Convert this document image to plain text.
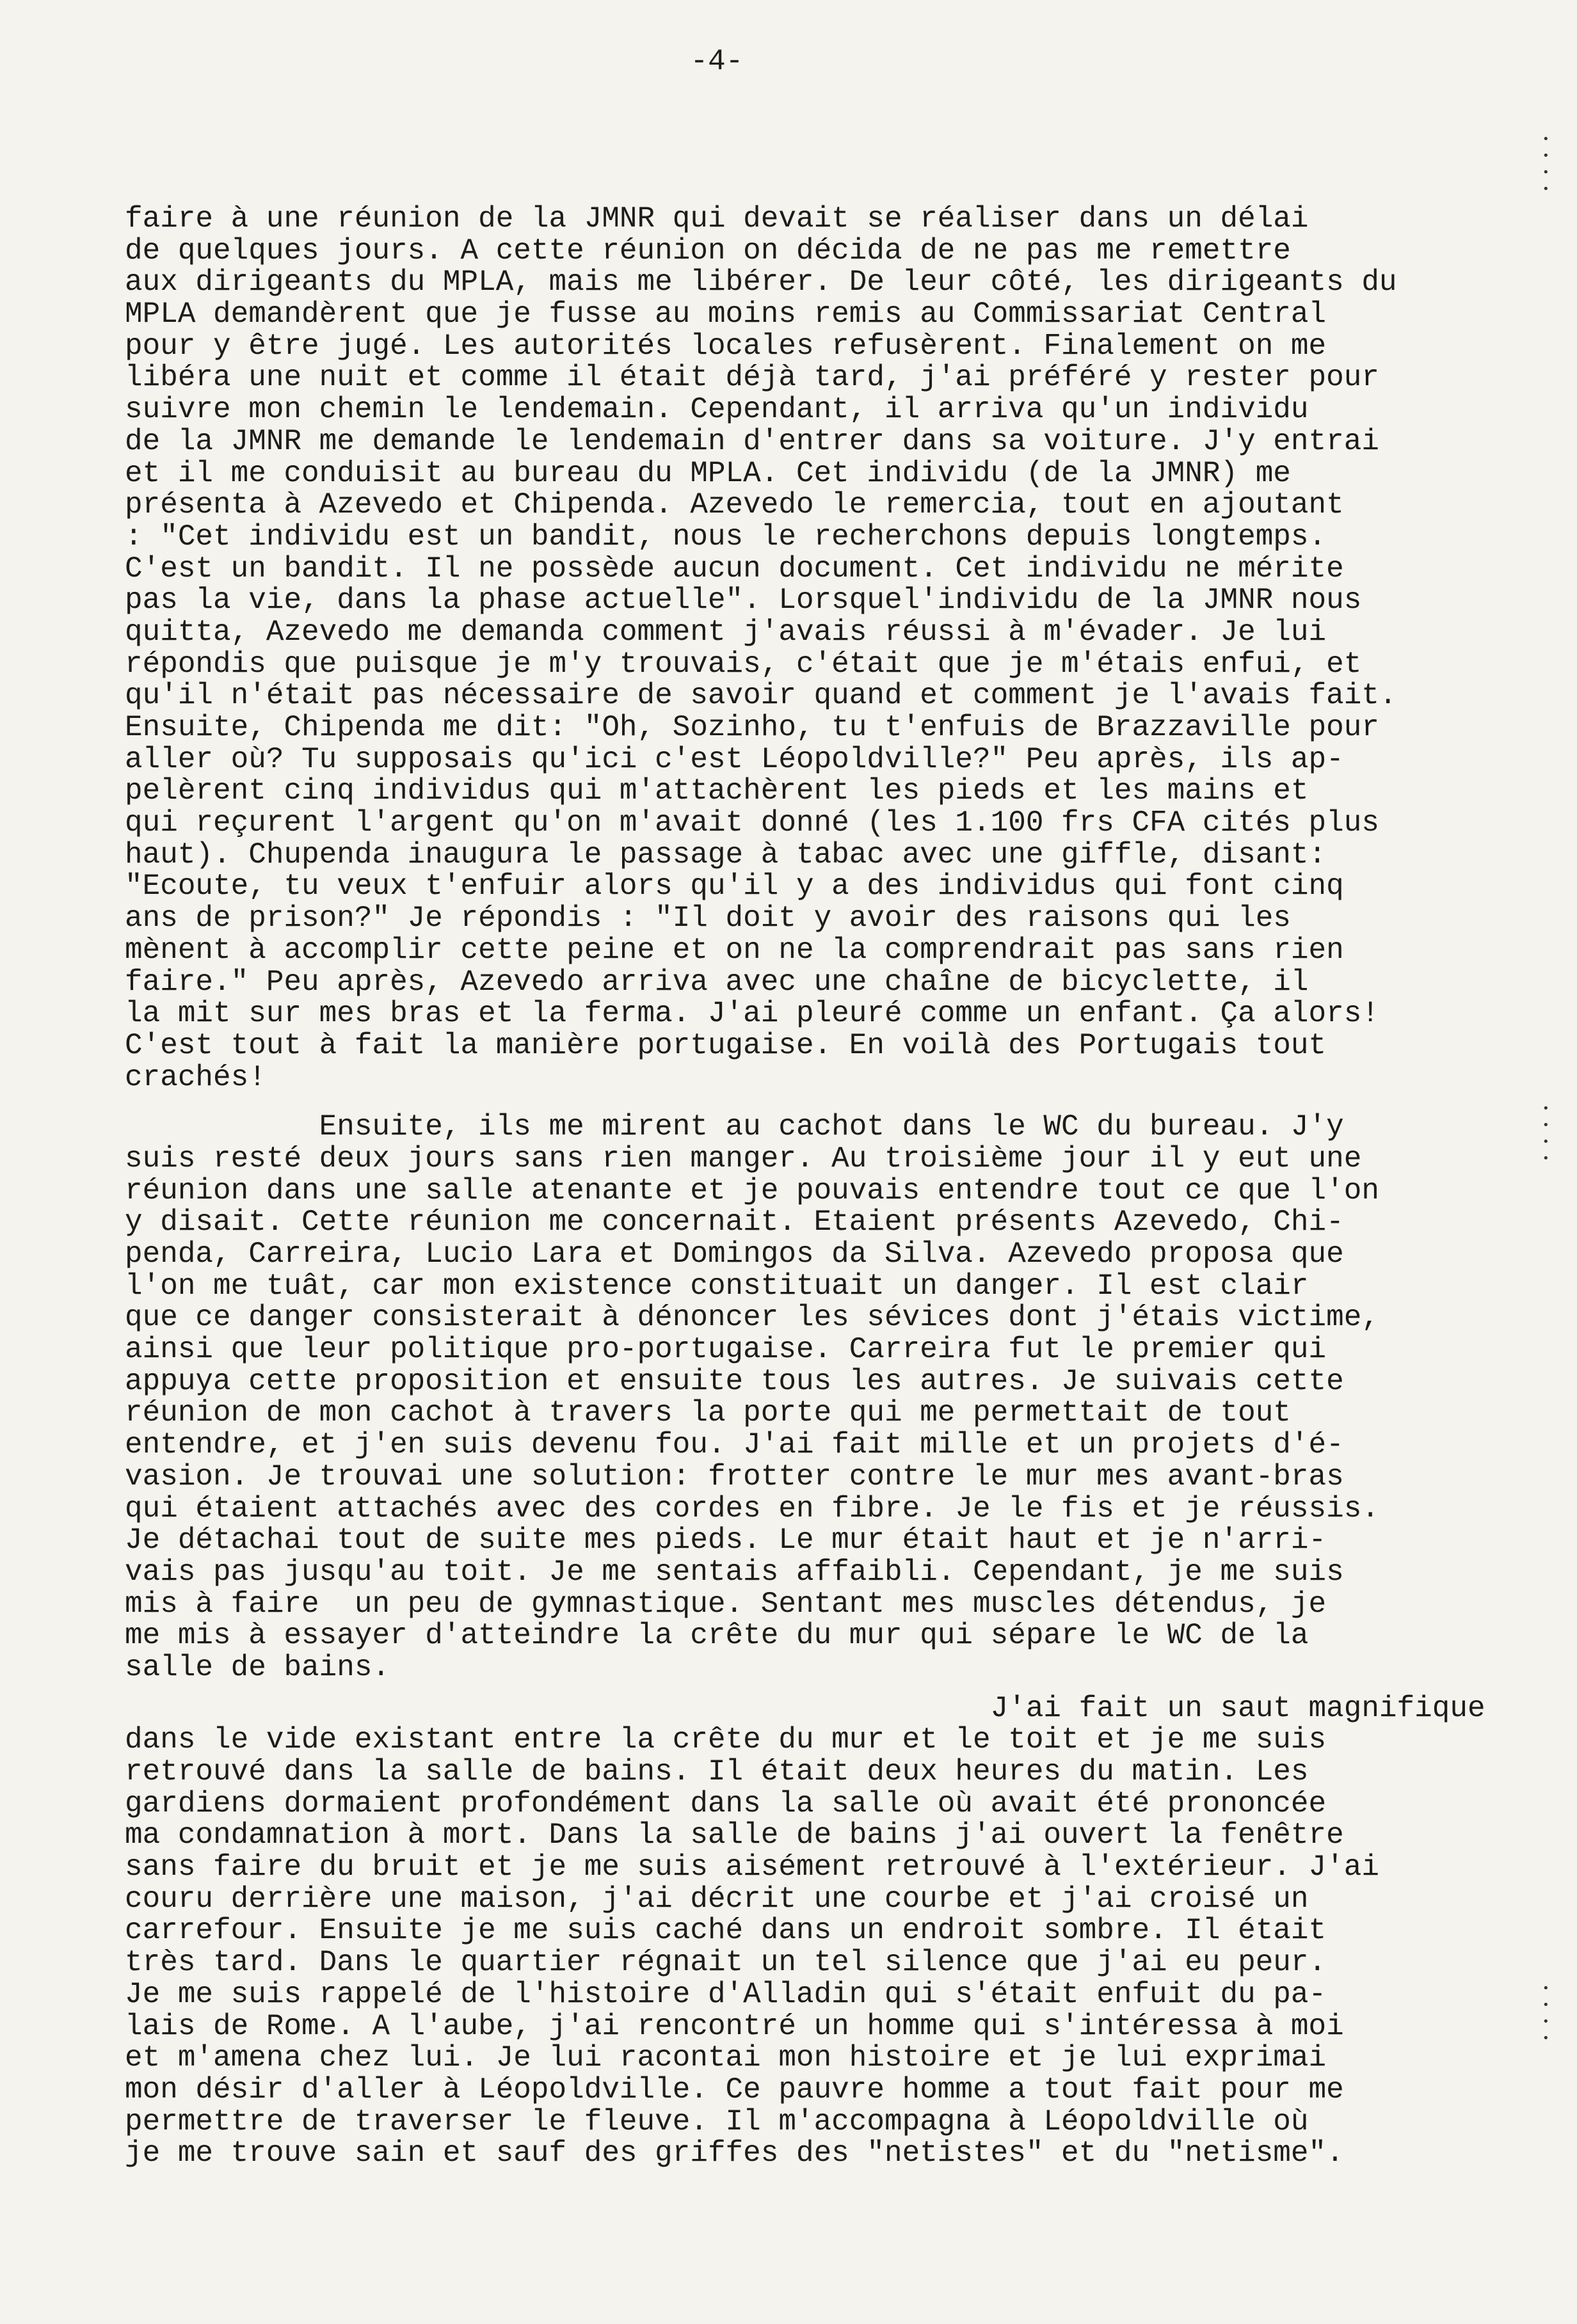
-4-
•
•
•
•
•
•
•
•
•
•
•
•
faire à une réunion de la JMNR qui devait se réaliser dans un délai
de quelques jours. A cette réunion on décida de ne pas me remettre
aux dirigeants du MPLA, mais me libérer. De leur côté, les dirigeants du
MPLA demandèrent que je fusse au moins remis au Commissariat Central
pour y être jugé. Les autorités locales refusèrent. Finalement on me
libéra une nuit et comme il était déjà tard, j'ai préféré y rester pour
suivre mon chemin le lendemain. Cependant, il arriva qu'un individu
de la JMNR me demande le lendemain d'entrer dans sa voiture. J'y entrai
et il me conduisit au bureau du MPLA. Cet individu (de la JMNR) me
présenta à Azevedo et Chipenda. Azevedo le remercia, tout en ajoutant
: "Cet individu est un bandit, nous le recherchons depuis longtemps.
C'est un bandit. Il ne possède aucun document. Cet individu ne mérite
pas la vie, dans la phase actuelle". Lorsquel'individu de la JMNR nous
quitta, Azevedo me demanda comment j'avais réussi à m'évader. Je lui
répondis que puisque je m'y trouvais, c'était que je m'étais enfui, et
qu'il n'était pas nécessaire de savoir quand et comment je l'avais fait.
Ensuite, Chipenda me dit: "Oh, Sozinho, tu t'enfuis de Brazzaville pour
aller où? Tu supposais qu'ici c'est Léopoldville?" Peu après, ils ap-
pelèrent cinq individus qui m'attachèrent les pieds et les mains et
qui reçurent l'argent qu'on m'avait donné (les 1.100 frs CFA cités plus
haut). Chupenda inaugura le passage à tabac avec une giffle, disant:
"Ecoute, tu veux t'enfuir alors qu'il y a des individus qui font cinq
ans de prison?" Je répondis : "Il doit y avoir des raisons qui les
mènent à accomplir cette peine et on ne la comprendrait pas sans rien
faire." Peu après, Azevedo arriva avec une chaîne de bicyclette, il
la mit sur mes bras et la ferma. J'ai pleuré comme un enfant. Ça alors!
C'est tout à fait la manière portugaise. En voilà des Portugais tout
crachés!
Ensuite, ils me mirent au cachot dans le WC du bureau. J'y
suis resté deux jours sans rien manger. Au troisième jour il y eut une
réunion dans une salle atenante et je pouvais entendre tout ce que l'on
y disait. Cette réunion me concernait. Etaient présents Azevedo, Chi-
penda, Carreira, Lucio Lara et Domingos da Silva. Azevedo proposa que
l'on me tuât, car mon existence constituait un danger. Il est clair
que ce danger consisterait à dénoncer les sévices dont j'étais victime,
ainsi que leur politique pro-portugaise. Carreira fut le premier qui
appuya cette proposition et ensuite tous les autres. Je suivais cette
réunion de mon cachot à travers la porte qui me permettait de tout
entendre, et j'en suis devenu fou. J'ai fait mille et un projets d'é-
vasion. Je trouvai une solution: frotter contre le mur mes avant-bras
qui étaient attachés avec des cordes en fibre. Je le fis et je réussis.
Je détachai tout de suite mes pieds. Le mur était haut et je n'arri-
vais pas jusqu'au toit. Je me sentais affaibli. Cependant, je me suis
mis à faire  un peu de gymnastique. Sentant mes muscles détendus, je
me mis à essayer d'atteindre la crête du mur qui sépare le WC de la
salle de bains.
J'ai fait un saut magnifique
dans le vide existant entre la crête du mur et le toit et je me suis
retrouvé dans la salle de bains. Il était deux heures du matin. Les
gardiens dormaient profondément dans la salle où avait été prononcée
ma condamnation à mort. Dans la salle de bains j'ai ouvert la fenêtre
sans faire du bruit et je me suis aisément retrouvé à l'extérieur. J'ai
couru derrière une maison, j'ai décrit une courbe et j'ai croisé un
carrefour. Ensuite je me suis caché dans un endroit sombre. Il était
très tard. Dans le quartier régnait un tel silence que j'ai eu peur.
Je me suis rappelé de l'histoire d'Alladin qui s'était enfuit du pa-
lais de Rome. A l'aube, j'ai rencontré un homme qui s'intéressa à moi
et m'amena chez lui. Je lui rаcontai mon histoire et je lui exprimai
mon désir d'aller à Léopoldville. Ce pauvre homme a tout fait pour me
permettre de traverser le fleuve. Il m'accompagna à Léopoldville où
je me trouve sain et sauf des griffes des "netistes" et du "netisme".
